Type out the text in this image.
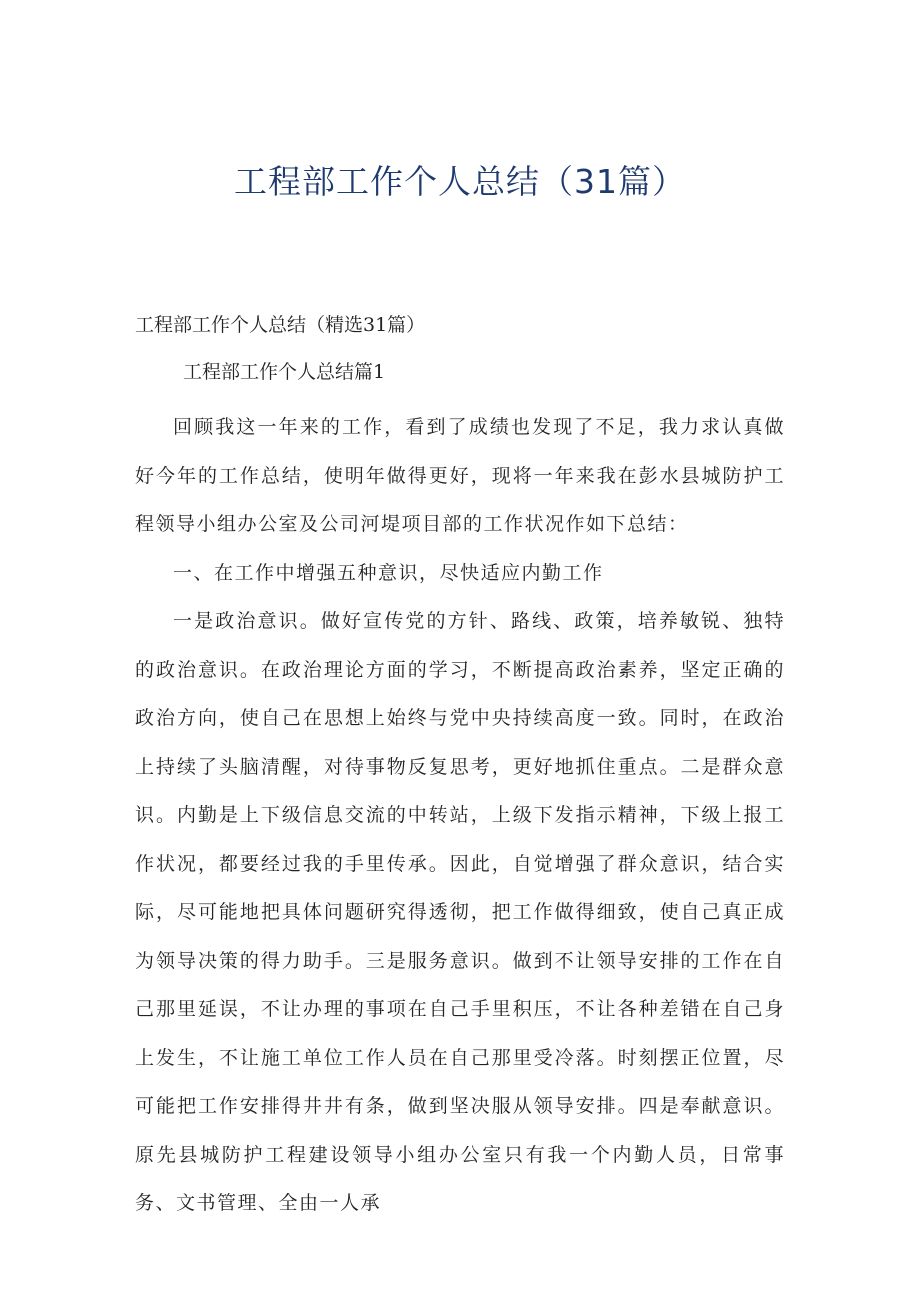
工程部工作个人总结（31篇）
工程部工作个人总结（精选31篇）
工程部工作个人总结篇1

回顾我这一年来的工作，看到了成绩也发现了不足，我力求认真做好今年的工作总结，使明年做得更好，现将一年来我在彭水县城防护工程领导小组办公室及公司河堤项目部的工作状况作如下总结：

一、在工作中增强五种意识，尽快适应内勤工作

一是政治意识。做好宣传党的方针、路线、政策，培养敏锐、独特的政治意识。在政治理论方面的学习，不断提高政治素养，坚定正确的政治方向，使自己在思想上始终与党中央持续高度一致。同时，在政治上持续了头脑清醒，对待事物反复思考，更好地抓住重点。二是群众意识。内勤是上下级信息交流的中转站，上级下发指示精神，下级上报工作状况，都要经过我的手里传承。因此，自觉增强了群众意识，结合实际，尽可能地把具体问题研究得透彻，把工作做得细致，使自己真正成为领导决策的得力助手。三是服务意识。做到不让领导安排的工作在自己那里延误，不让办理的事项在自己手里积压，不让各种差错在自己身上发生，不让施工单位工作人员在自己那里受冷落。时刻摆正位置，尽可能把工作安排得井井有条，做到坚决服从领导安排。四是奉献意识。原先县城防护工程建设领导小组办公室只有我一个内勤人员，日常事务、文书管理、全由一人承
